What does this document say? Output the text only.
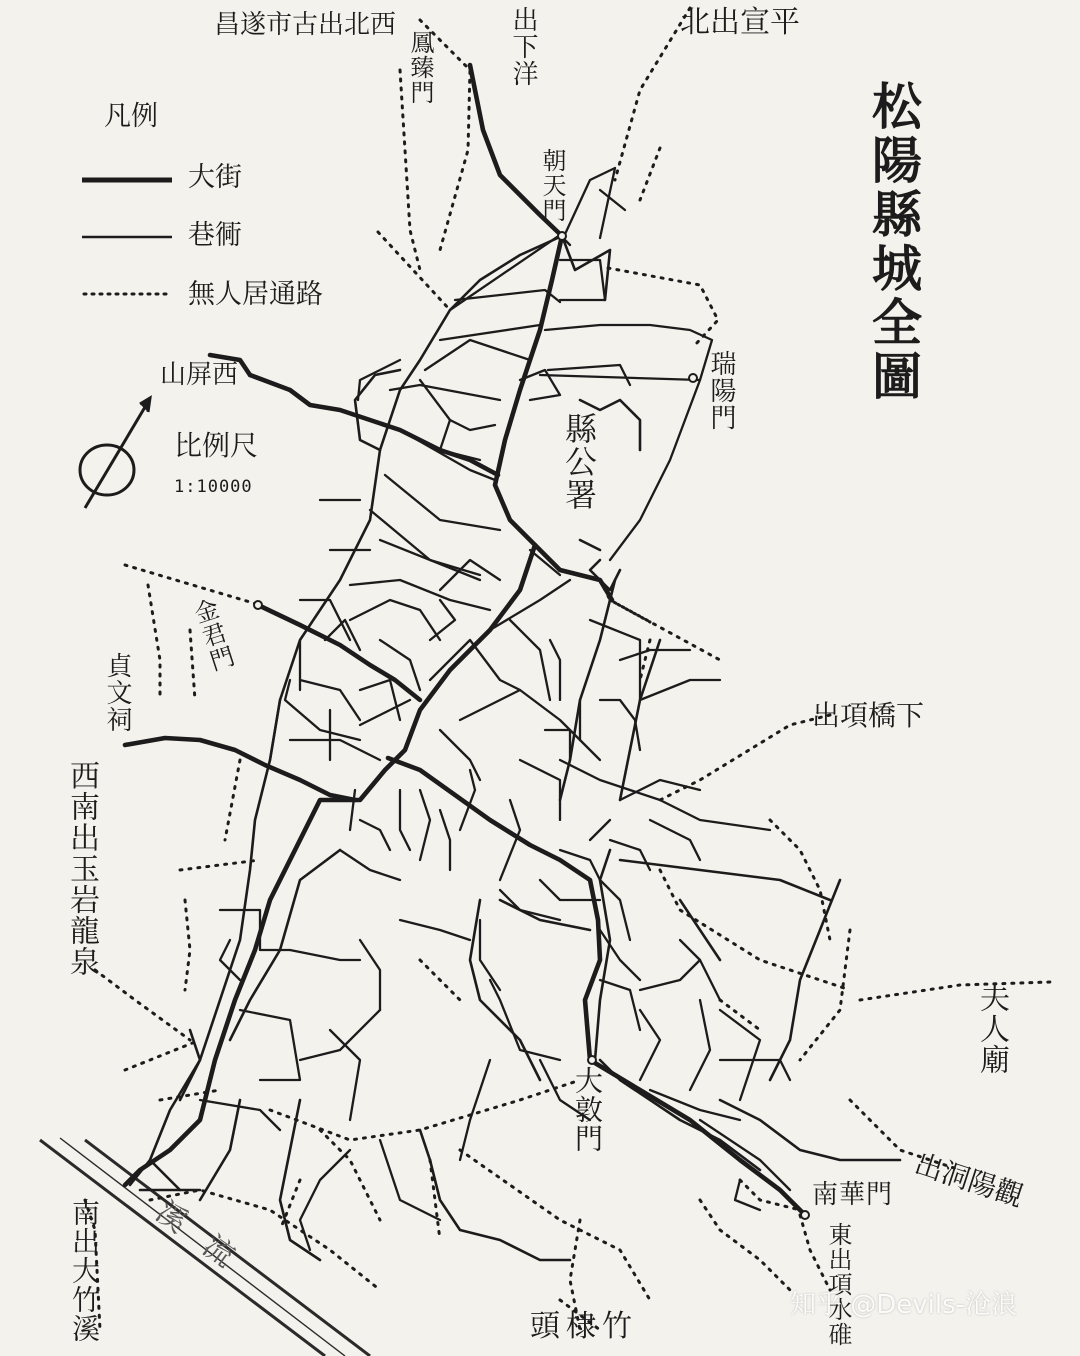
松陽縣城全圖
凡例
大街
巷衕
無人居通路
比例尺
1:10000
朝天門
鳳臻門
瑞陽門
金君門
大敦門
南華門
縣公署
貞文祠
夫人廟
溪流
昌遂市古出北西	出下洋	北出宣平
山屏西
出項橋下
西南出玉岩龍泉
出洞陽觀
南出大竹溪	頭棣竹	東出項水碓
知乎 @Devils-沧浪
